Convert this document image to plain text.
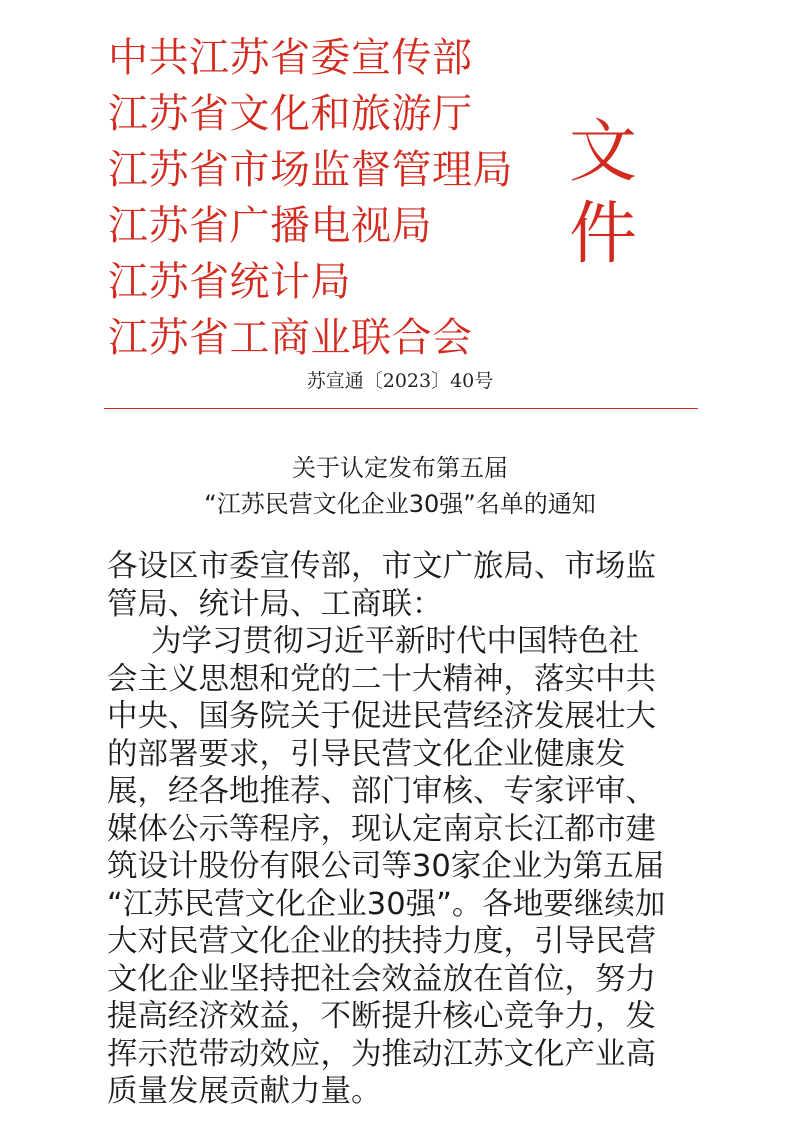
中共江苏省委宣传部
江苏省文化和旅游厅
江苏省市场监督管理局
江苏省广播电视局
江苏省统计局
江苏省工商业联合会
文
件
苏宣通〔2023〕40号
关于认定发布第五届
“江苏民营文化企业30强”名单的通知
各设区市委宣传部，市文广旅局、市场监
管局、统计局、工商联：
为学习贯彻习近平新时代中国特色社
会主义思想和党的二十大精神，落实中共
中央、国务院关于促进民营经济发展壮大
的部署要求，引导民营文化企业健康发
展，经各地推荐、部门审核、专家评审、
媒体公示等程序，现认定南京长江都市建
筑设计股份有限公司等30家企业为第五届
“江苏民营文化企业30强”。各地要继续加
大对民营文化企业的扶持力度，引导民营
文化企业坚持把社会效益放在首位，努力
提高经济效益，不断提升核心竞争力，发
挥示范带动效应，为推动江苏文化产业高
质量发展贡献力量。
